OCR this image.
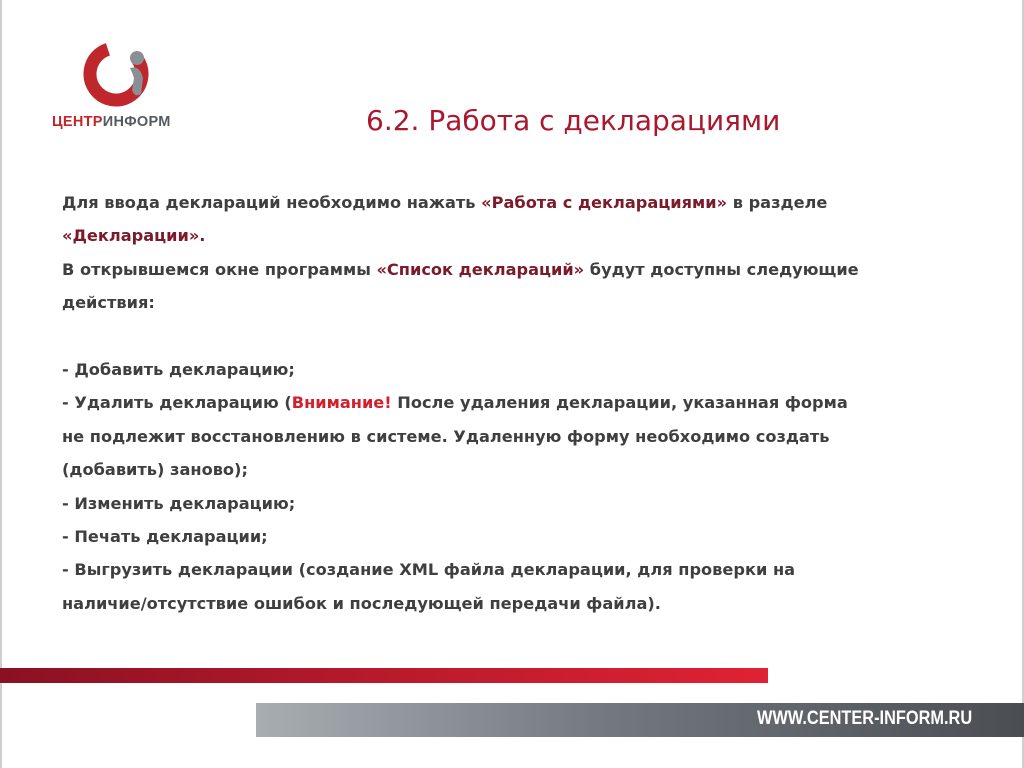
ЦЕНТРИНФОРМ	6.2. Работа с декларациями

Для ввода деклараций необходимо нажать «Работа с декларациями» в разделе

«Декларации».

В открывшемся окне программы «Список деклараций» будут доступны следующие

действия:

- Добавить декларацию;

- Удалить декларацию (Внимание! После удаления декларации, указанная форма

не подлежит восстановлению в системе. Удаленную форму необходимо создать

(добавить) заново);

- Изменить декларацию;

- Печать декларации;

- Выгрузить декларации (создание XML файла декларации, для проверки на

наличие/отсутствие ошибок и последующей передачи файла).

WWW.CENTER-INFORM.RU
